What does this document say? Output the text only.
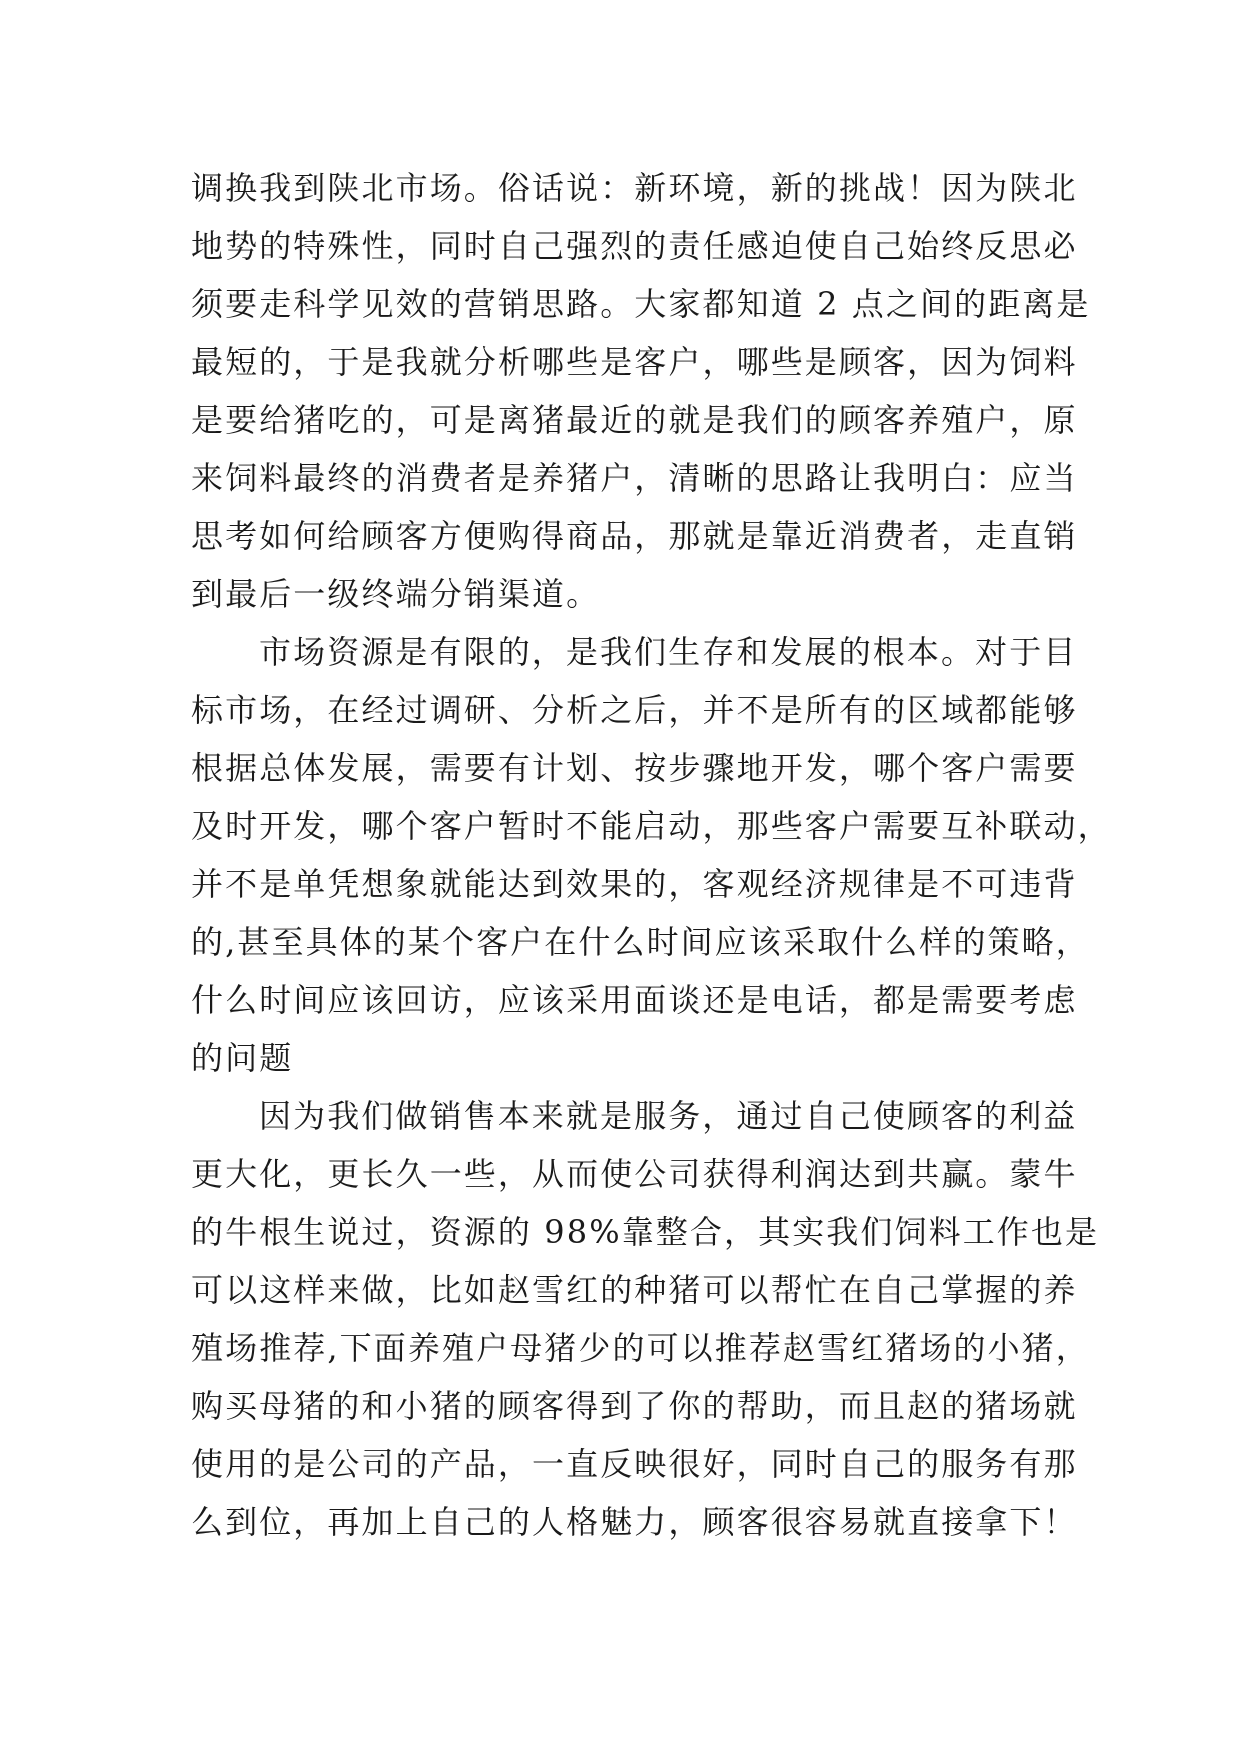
调换我到陕北市场。俗话说：新环境，新的挑战！因为陕北
地势的特殊性，同时自己强烈的责任感迫使自己始终反思必
须要走科学见效的营销思路。大家都知道 2 点之间的距离是
最短的，于是我就分析哪些是客户，哪些是顾客，因为饲料
是要给猪吃的，可是离猪最近的就是我们的顾客养殖户，原
来饲料最终的消费者是养猪户，清晰的思路让我明白：应当
思考如何给顾客方便购得商品，那就是靠近消费者，走直销
到最后一级终端分销渠道。
市场资源是有限的，是我们生存和发展的根本。对于目
标市场，在经过调研、分析之后，并不是所有的区域都能够
根据总体发展，需要有计划、按步骤地开发，哪个客户需要
及时开发，哪个客户暂时不能启动，那些客户需要互补联动，
并不是单凭想象就能达到效果的，客观经济规律是不可违背
的,甚至具体的某个客户在什么时间应该采取什么样的策略，
什么时间应该回访，应该采用面谈还是电话，都是需要考虑
的问题
因为我们做销售本来就是服务，通过自己使顾客的利益
更大化，更长久一些，从而使公司获得利润达到共赢。蒙牛
的牛根生说过，资源的 98%靠整合，其实我们饲料工作也是
可以这样来做，比如赵雪红的种猪可以帮忙在自己掌握的养
殖场推荐,下面养殖户母猪少的可以推荐赵雪红猪场的小猪，
购买母猪的和小猪的顾客得到了你的帮助，而且赵的猪场就
使用的是公司的产品，一直反映很好，同时自己的服务有那
么到位，再加上自己的人格魅力，顾客很容易就直接拿下！
